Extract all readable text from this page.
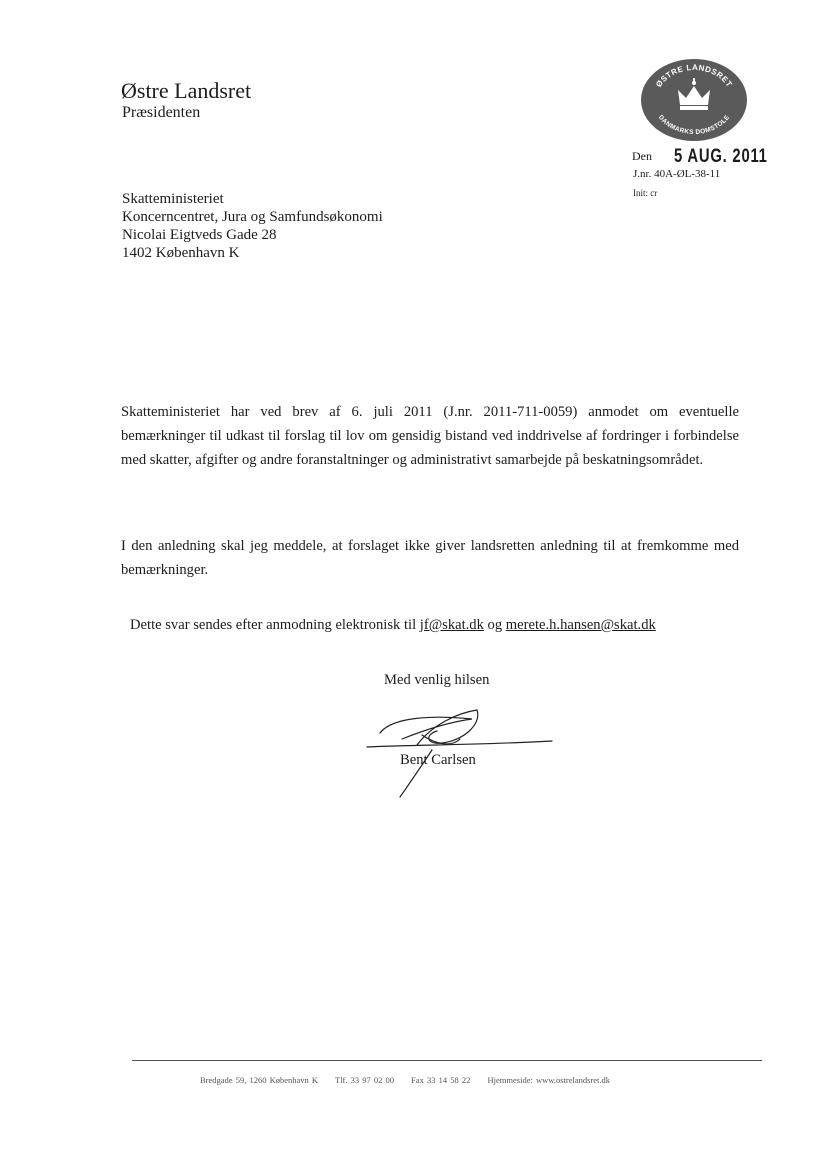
Østre Landsret
Præsidenten
ØSTRE LANDSRET
DANMARKS DOMSTOLE
Den 5 AUG. 2011
J.nr. 40A-ØL-38-11
Init: cr
Skatteministeriet
Koncerncentret, Jura og Samfundsøkonomi
Nicolai Eigtveds Gade 28
1402 København K
Skatteministeriet har ved brev af 6. juli 2011 (J.nr. 2011-711-0059) anmodet om eventuelle bemærkninger til udkast til forslag til lov om gensidig bistand ved inddrivelse af fordringer i forbindelse med skatter, afgifter og andre foranstaltninger og administrativt samarbejde på beskatningsområdet.
I den anledning skal jeg meddele, at forslaget ikke giver landsretten anledning til at fremkomme med bemærkninger.
Dette svar sendes efter anmodning elektronisk til jf@skat.dk og merete.h.hansen@skat.dk
Med venlig hilsen
Bent Carlsen
Bredgade 59, 1260 København K Tlf. 33 97 02 00 Fax 33 14 58 22 Hjemmeside: www.ostrelandsret.dk
